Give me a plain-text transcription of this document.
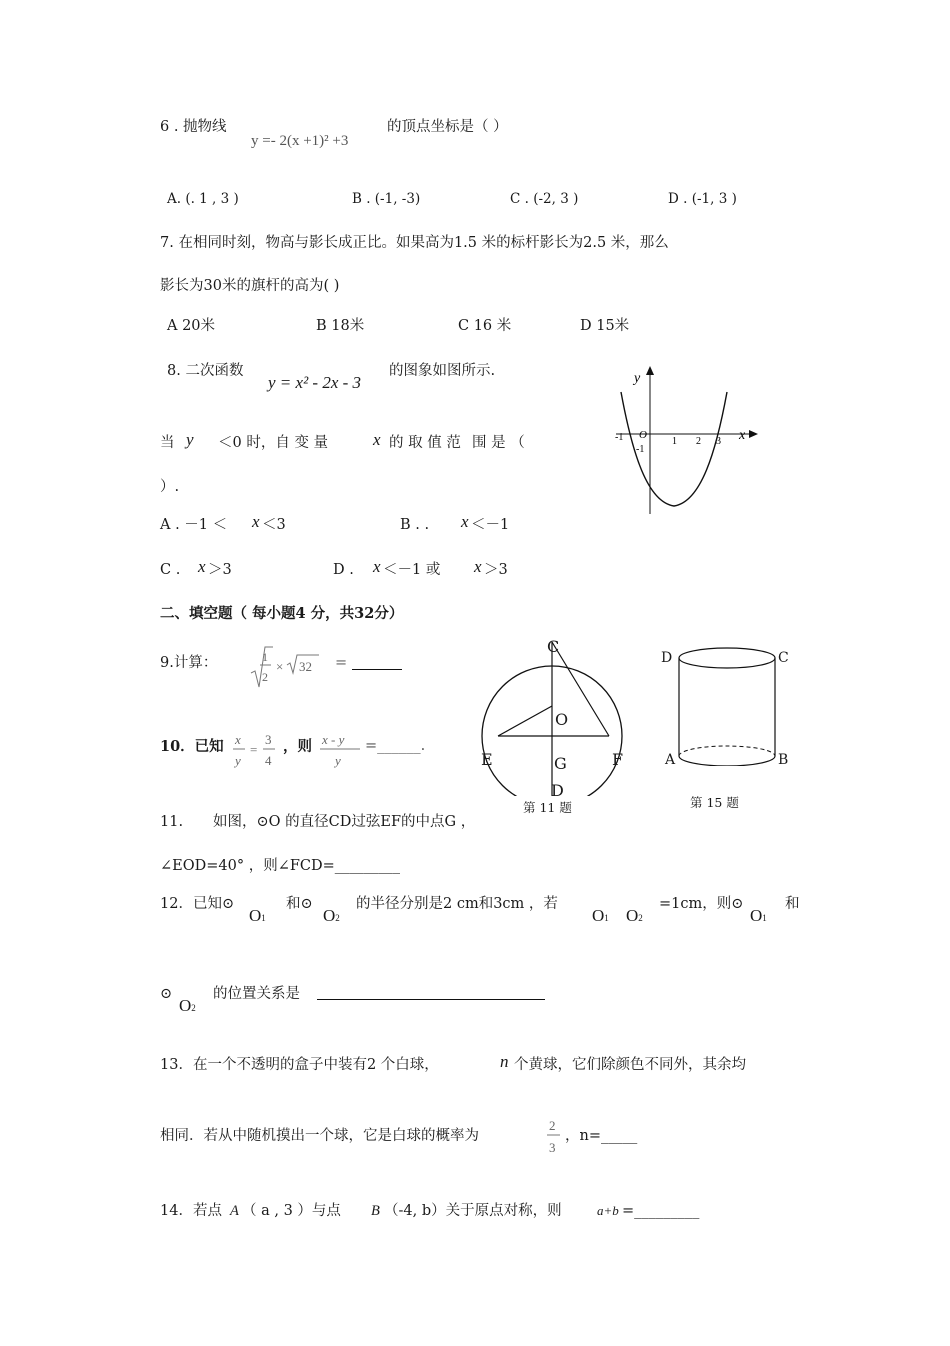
6 . 抛物线
y =- 2(x +1)² +3
的顶点坐标是（ ）
A. (. 1 , 3 )	B . (-1, -3)	C . (-2, 3 )	D . (-1, 3 )
7. 在相同时刻，物高与影长成正比。如果高为1.5 米的标杆影长为2.5 米，那么
影长为30米的旗杆的高为( )
A 20米	B 18米	C 16 米	D 15米
8. 二次函数
y = x² - 2x - 3
的图象如图所示.
当 y ＜0 时，自 变 量	x 的 取 值 范 围 是 （
）.
A . －1 ＜ x ＜3	B . . x ＜－1
C . x ＞3	D . x ＜－1 或 x ＞3
y
x
O
-1	1 2 3
-1
二、填空题（ 每小题4 分，共32分）
9.计算：	1
2
× 32 =
10．已知 x
y
=
3
4
，则 x - y
y
=______.
C
O
E	F
G
D
第 11 题
D	C
A	B
第 15 题
11. 如图，⊙O 的直径CD过弦EF的中点G ，
∠EOD=40° ，则∠FCD=_________
12．已知⊙
O1
和⊙
O2
的半径分别是2 cm和3cm ，若
O1 O2
=1cm，则⊙
O1
和
⊙
O2
的位置关系是
13．在一个不透明的盒子中装有2 个白球，	n 个黄球，它们除颜色不同外，其余均
相同．若从中随机摸出一个球，它是白球的概率为
2
3
，n=_____
14．若点 A （ a , 3 ）与点 B （-4, b）关于原点对称，则	a+b =_________
